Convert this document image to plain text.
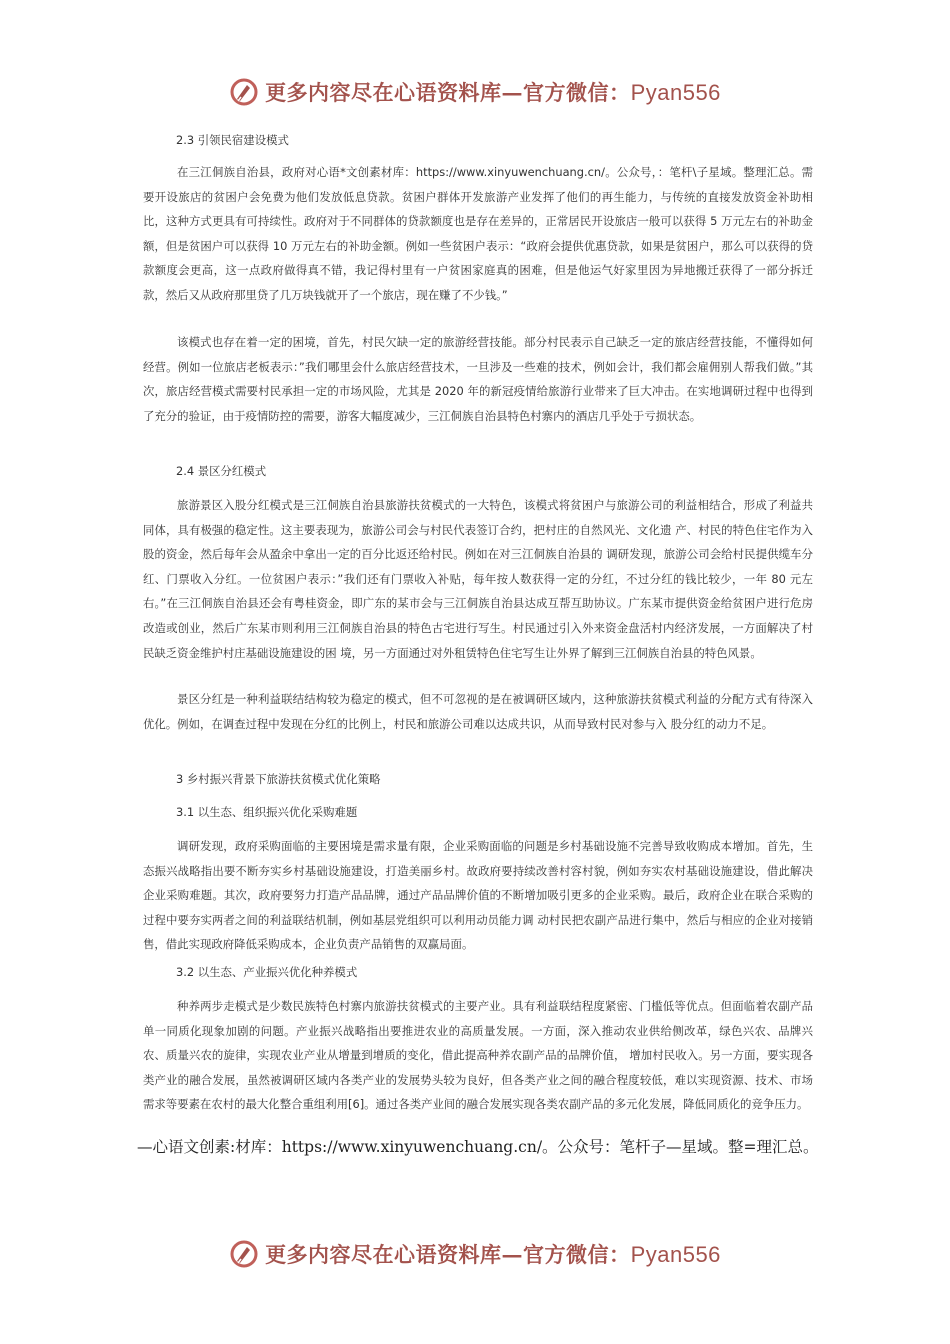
更多内容尽在心语资料库—官方微信：Pyan556
2.3 引领民宿建设模式

在三江侗族自治县，政府对心语*文创素材库：https://www.xinyuwenchuang.cn/。公众号，：笔杆\子星域。整理汇总。需要开设旅店的贫困户会免费为他们发放低息贷款。贫困户群体开发旅游产业发挥了他们的再生能力，与传统的直接发放资金补助相比，这种方式更具有可持续性。政府对于不同群体的贷款额度也是存在差异的，正常居民开设旅店一般可以获得 5 万元左右的补助金额，但是贫困户可以获得 10 万元左右的补助金额。例如一些贫困户表示：“政府会提供优惠贷款，如果是贫困户，那么可以获得的贷款额度会更高，这一点政府做得真不错，我记得村里有一户贫困家庭真的困难，但是他运气好家里因为异地搬迁获得了一部分拆迁款，然后又从政府那里贷了几万块钱就开了一个旅店，现在赚了不少钱。”

该模式也存在着一定的困境，首先，村民欠缺一定的旅游经营技能。部分村民表示自己缺乏一定的旅店经营技能，不懂得如何经营。例如一位旅店老板表示：”我们哪里会什么旅店经营技术，一旦涉及一些难的技术，例如会计，我们都会雇佣别人帮我们做。”其次，旅店经营模式需要村民承担一定的市场风险，尤其是 2020 年的新冠疫情给旅游行业带来了巨大冲击。在实地调研过程中也得到了充分的验证，由于疫情防控的需要，游客大幅度减少，三江侗族自治县特色村寨内的酒店几乎处于亏损状态。

2.4 景区分红模式

旅游景区入股分红模式是三江侗族自治县旅游扶贫模式的一大特色，该模式将贫困户与旅游公司的利益相结合，形成了利益共同体，具有极强的稳定性。这主要表现为，旅游公司会与村民代表签订合约，把村庄的自然风光、文化遗 产、村民的特色住宅作为入股的资金，然后每年会从盈余中拿出一定的百分比返还给村民。例如在对三江侗族自治县的 调研发现，旅游公司会给村民提供缆车分红、门票收入分红。一位贫困户表示：”我们还有门票收入补贴，每年按人数获得一定的分红，不过分红的钱比较少，一年 80 元左右。”在三江侗族自治县还会有粤桂资金，即广东的某市会与三江侗族自治县达成互帮互助协议。广东某市提供资金给贫困户进行危房改造或创业，然后广东某市则利用三江侗族自治县的特色古宅进行写生。村民通过引入外来资金盘活村内经济发展，一方面解决了村民缺乏资金维护村庄基础设施建设的困 境，另一方面通过对外租赁特色住宅写生让外界了解到三江侗族自治县的特色风景。

景区分红是一种利益联结结构较为稳定的模式，但不可忽视的是在被调研区域内，这种旅游扶贫模式利益的分配方式有待深入优化。例如，在调查过程中发现在分红的比例上，村民和旅游公司难以达成共识，从而导致村民对参与入 股分红的动力不足。

3 乡村振兴背景下旅游扶贫模式优化策略
3.1 以生态、组织振兴优化采购难题

调研发现，政府采购面临的主要困境是需求量有限，企业采购面临的问题是乡村基础设施不完善导致收购成本增加。首先，生态振兴战略指出要不断夯实乡村基础设施建设，打造美丽乡村。故政府要持续改善村容村貌，例如夯实农村基础设施建设，借此解决企业采购难题。其次，政府要努力打造产品品牌，通过产品品牌价值的不断增加吸引更多的企业采购。最后，政府企业在联合采购的过程中要夯实两者之间的利益联结机制，例如基层党组织可以利用动员能力调 动村民把农副产品进行集中，然后与相应的企业对接销售，借此实现政府降低采购成本，企业负责产品销售的双赢局面。

3.2 以生态、产业振兴优化种养模式

种养两步走模式是少数民族特色村寨内旅游扶贫模式的主要产业。具有利益联结程度紧密、门槛低等优点。但面临着农副产品单一同质化现象加剧的问题。产业振兴战略指出要推进农业的高质量发展。一方面，深入推动农业供给侧改革，绿色兴农、品牌兴农、质量兴农的旋律，实现农业产业从增量到增质的变化，借此提高种养农副产品的品牌价值， 增加村民收入。另一方面，要实现各类产业的融合发展，虽然被调研区域内各类产业的发展势头较为良好，但各类产业之间的融合程度较低，难以实现资源、技术、市场需求等要素在农村的最大化整合重组利用[6]。通过各类产业间的融合发展实现各类农副产品的多元化发展，降低同质化的竞争压力。

—心语文创素:材库：https://www.xinyuwenchuang.cn/。公众号：笔杆子—星域。整=理汇总。
更多内容尽在心语资料库—官方微信：Pyan556
